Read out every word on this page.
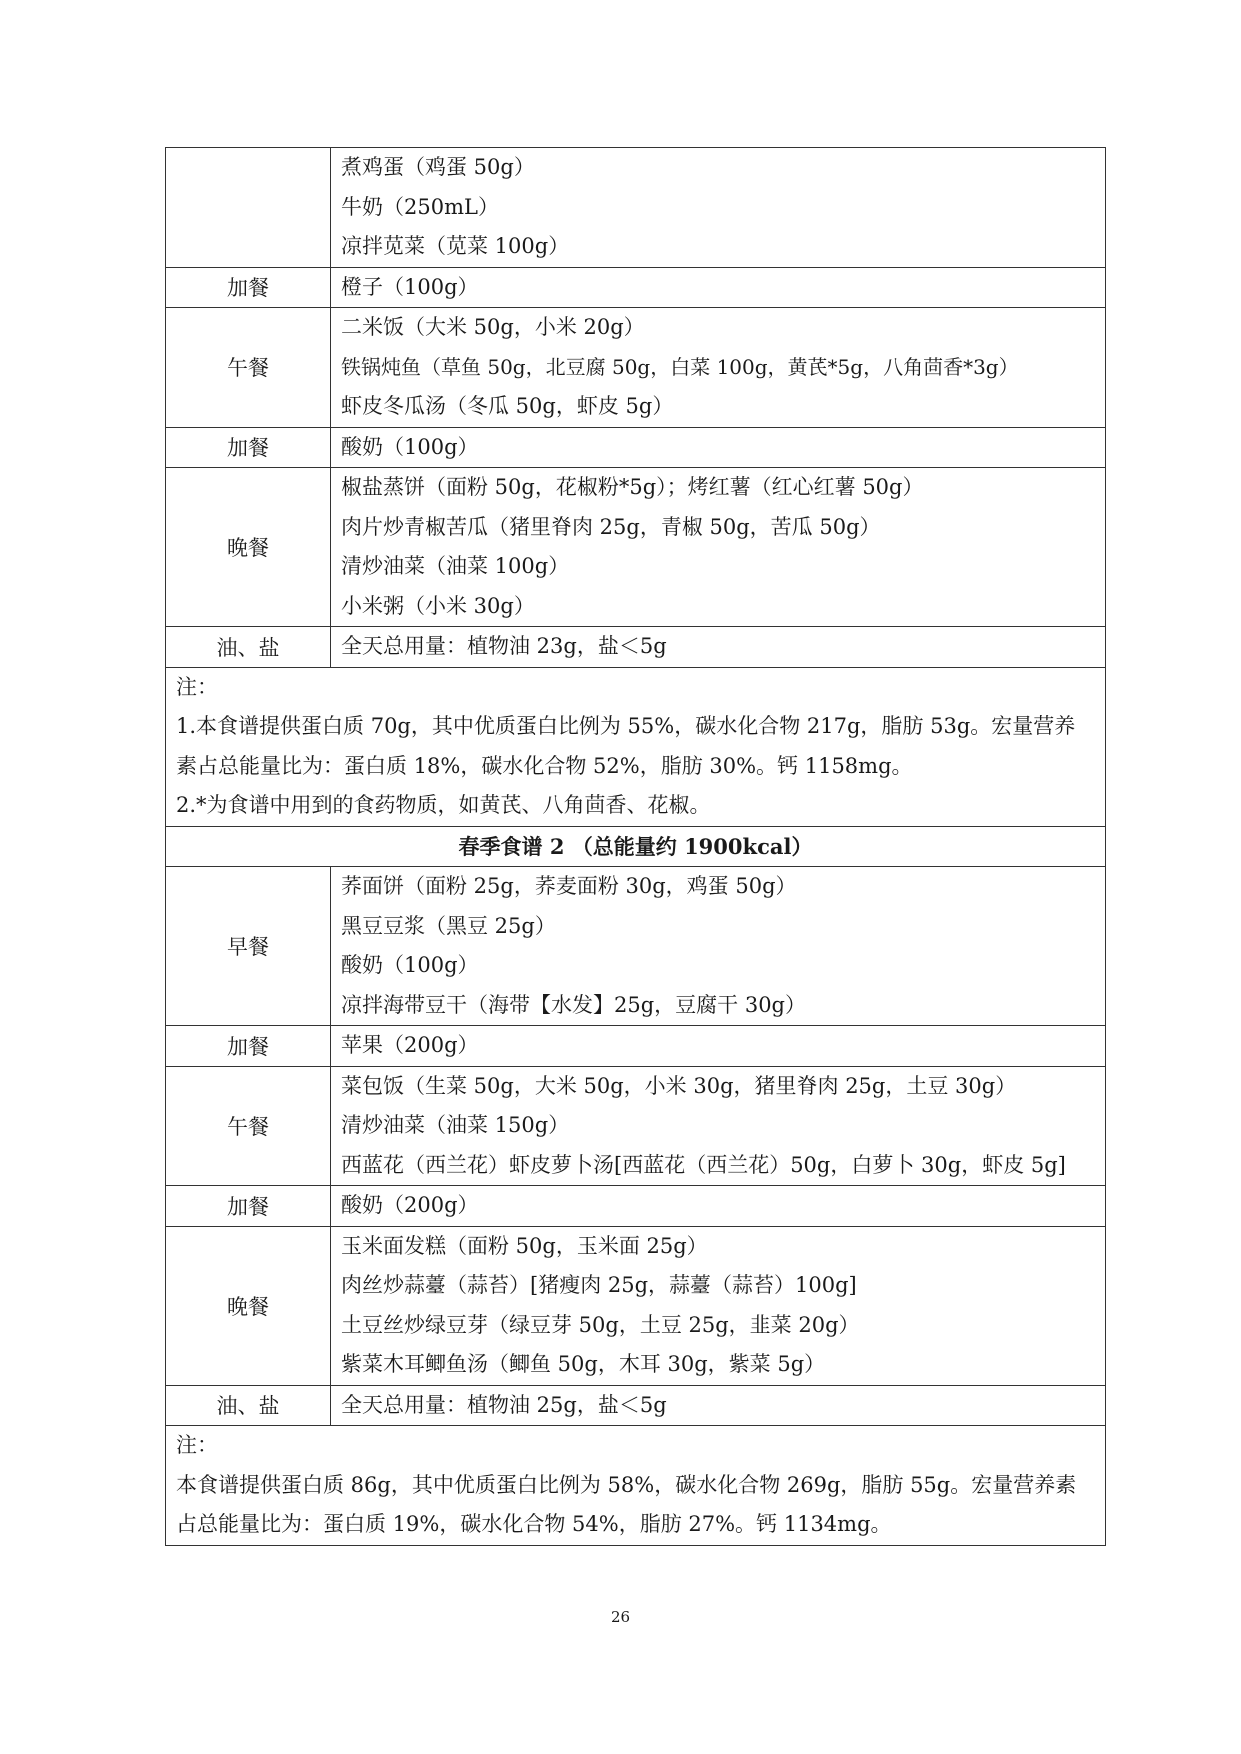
	煮鸡蛋（鸡蛋 50g）
牛奶（250mL）
凉拌苋菜（苋菜 100g）

加餐	橙子（100g）

午餐	二米饭（大米 50g，小米 20g）
铁锅炖鱼（草鱼 50g，北豆腐 50g，白菜 100g，黄芪*5g，八角茴香*3g）
虾皮冬瓜汤（冬瓜 50g，虾皮 5g）

加餐	酸奶（100g）

晚餐	椒盐蒸饼（面粉 50g，花椒粉*5g）；烤红薯（红心红薯 50g）
肉片炒青椒苦瓜（猪里脊肉 25g，青椒 50g，苦瓜 50g）
清炒油菜（油菜 100g）
小米粥（小米 30g）

油、盐	全天总用量：植物油 23g，盐＜5g

注：
1.本食谱提供蛋白质 70g，其中优质蛋白比例为 55%，碳水化合物 217g，脂肪 53g。宏量营养素占总能量比为：蛋白质 18%，碳水化合物 52%，脂肪 30%。钙 1158mg。
2.*为食谱中用到的食药物质，如黄芪、八角茴香、花椒。	

春季食谱 2 （总能量约 1900kcal）	
早餐	荞面饼（面粉 25g，荞麦面粉 30g，鸡蛋 50g）
黑豆豆浆（黑豆 25g）
酸奶（100g）
凉拌海带豆干（海带【水发】25g，豆腐干 30g）

加餐	苹果（200g）

午餐	菜包饭（生菜 50g，大米 50g，小米 30g，猪里脊肉 25g，土豆 30g）
清炒油菜（油菜 150g）
西蓝花（西兰花）虾皮萝卜汤[西蓝花（西兰花）50g，白萝卜 30g，虾皮 5g]

加餐	酸奶（200g）

晚餐	玉米面发糕（面粉 50g，玉米面 25g）
肉丝炒蒜薹（蒜苔）[猪瘦肉 25g，蒜薹（蒜苔）100g]
土豆丝炒绿豆芽（绿豆芽 50g，土豆 25g，韭菜 20g）
紫菜木耳鲫鱼汤（鲫鱼 50g，木耳 30g，紫菜 5g）

油、盐	全天总用量：植物油 25g，盐＜5g

注：
本食谱提供蛋白质 86g，其中优质蛋白比例为 58%，碳水化合物 269g，脂肪 55g。宏量营养素占总能量比为：蛋白质 19%，碳水化合物 54%，脂肪 27%。钙 1134mg。	
26
